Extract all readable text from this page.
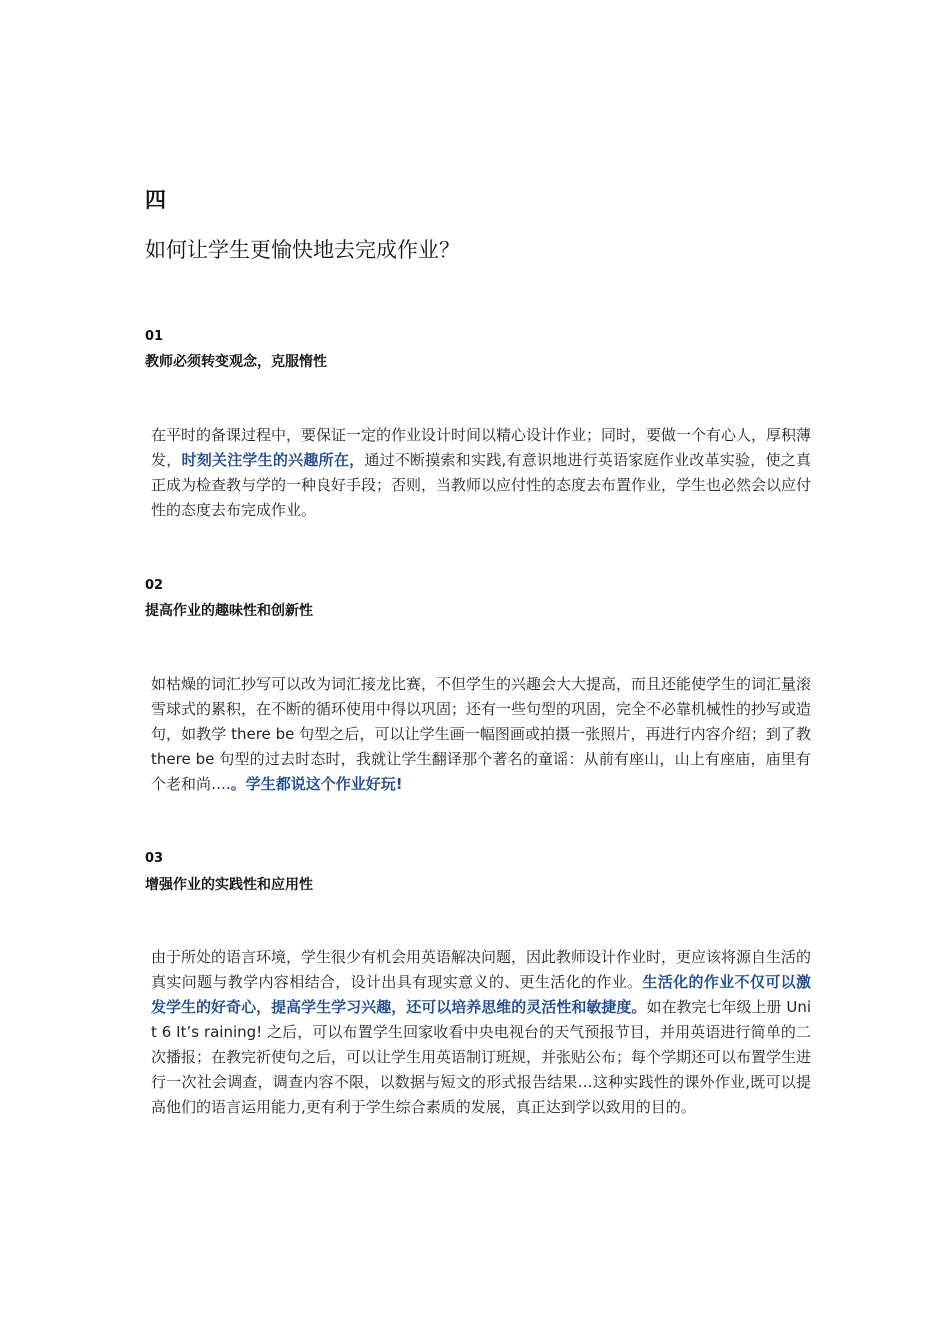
四
如何让学生更愉快地去完成作业？
01
教师必须转变观念，克服惰性
在平时的备课过程中，要保证一定的作业设计时间以精心设计作业；同时，要做一个有心人，厚积薄发，时刻关注学生的兴趣所在，通过不断摸索和实践,有意识地进行英语家庭作业改革实验，使之真正成为检查教与学的一种良好手段；否则，当教师以应付性的态度去布置作业，学生也必然会以应付性的态度去布完成作业。
02
提高作业的趣味性和创新性
如枯燥的词汇抄写可以改为词汇接龙比赛，不但学生的兴趣会大大提高，而且还能使学生的词汇量滚雪球式的累积，在不断的循环使用中得以巩固；还有一些句型的巩固，完全不必靠机械性的抄写或造句，如教学 there be 句型之后，可以让学生画一幅图画或拍摄一张照片，再进行内容介绍；到了教 there be 句型的过去时态时，我就让学生翻译那个著名的童谣：从前有座山，山上有座庙，庙里有个老和尚….。学生都说这个作业好玩!
03
增强作业的实践性和应用性
由于所处的语言环境，学生很少有机会用英语解决问题，因此教师设计作业时，更应该将源自生活的真实问题与教学内容相结合，设计出具有现实意义的、更生活化的作业。生活化的作业不仅可以激发学生的好奇心，提高学生学习兴趣，还可以培养思维的灵活性和敏捷度。如在教完七年级上册 Unit 6 It’s raining! 之后，可以布置学生回家收看中央电视台的天气预报节目，并用英语进行简单的二次播报；在教完祈使句之后，可以让学生用英语制订班规，并张贴公布；每个学期还可以布置学生进行一次社会调查，调查内容不限，以数据与短文的形式报告结果…这种实践性的课外作业,既可以提高他们的语言运用能力,更有利于学生综合素质的发展，真正达到学以致用的目的。
